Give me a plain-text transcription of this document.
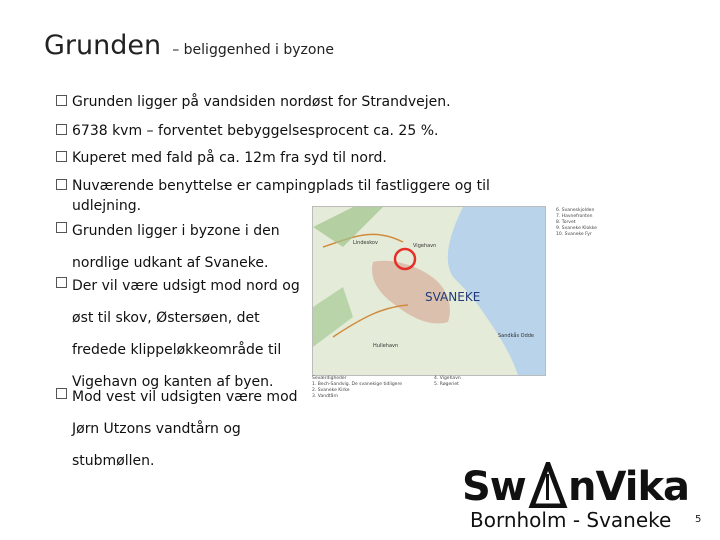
Grunden – beliggenhed i byzone
Grunden ligger på vandsiden nordøst for Strandvejen.
6738 kvm – forventet bebyggelsesprocent ca. 25 %.
Kuperet med fald på ca. 12m fra syd til nord.
Nuværende benyttelse er campingplads til fastliggere og til udlejning.
Grunden ligger i byzone i den nordlige udkant af Svaneke.
Der vil være udsigt mod nord og øst til skov, Østersøen, det fredede klippeløkkeområde til Vigehavn og kanten af byen.
Mod vest vil udsigten være mod Jørn Utzons vandtårn og stubmøllen.
SVANEKE
Lindeskov	Vigehavn
Sandkås Odde
Hullehavn
Seværdigheder
1. Bech-Sandvig. De svanekige tidligere
2. Svaneke Kirke
3. Vandtårn
4. Vigehavn
5. Røgeriet
6. Svaneskjolden
7. Havnefronten
8. Torvet
9. Svaneke Klokke
10. Svaneke Fyr
Sw nVika
Bornholm - Svaneke 5
